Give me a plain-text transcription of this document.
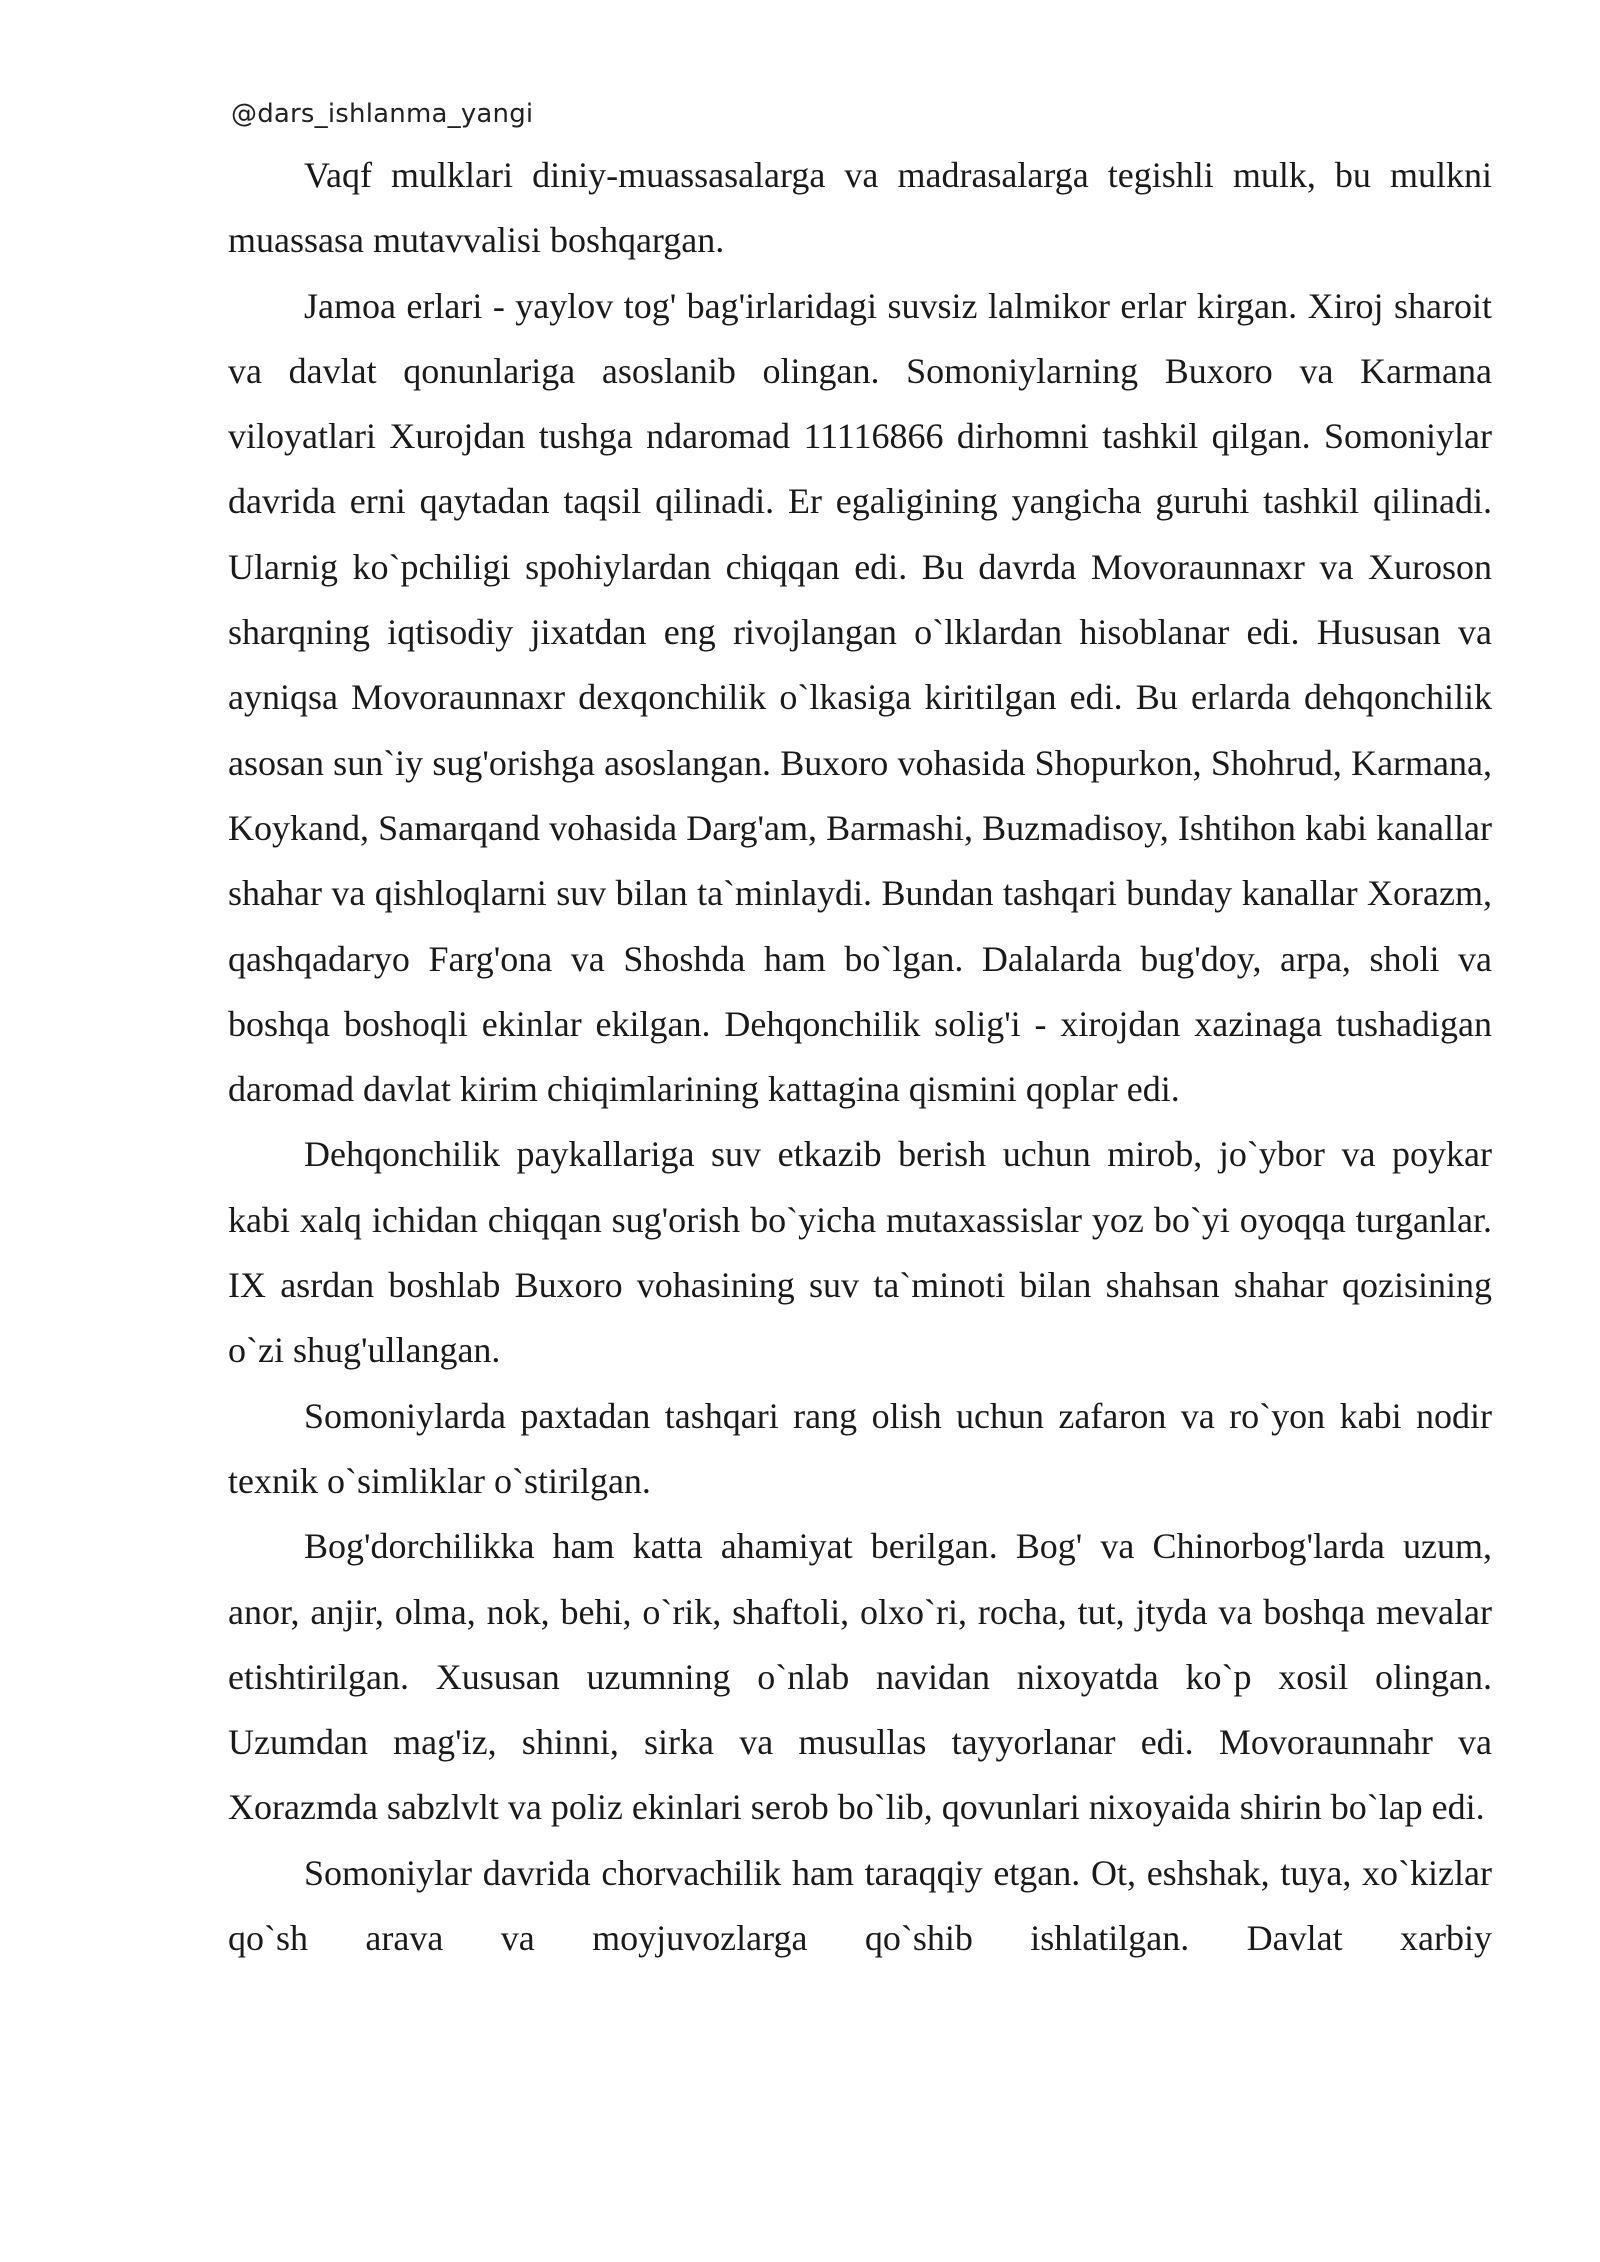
@dars_ishlanma_yangi

Vaqf mulklari diniy-muassasalarga va madrasalarga tegishli mulk, bu mulkni muassasa mutavvalisi boshqargan.

Jamoa erlari - yaylov tog' bag'irlaridagi suvsiz lalmikor erlar kirgan. Xiroj sharoit va davlat qonunlariga asoslanib olingan. Somoniylarning Buxoro va Karmana viloyatlari Xurojdan tushga ndaromad 11116866 dirhomni tashkil qilgan. Somoniylar davrida erni qaytadan taqsil qilinadi. Er egaligining yangicha guruhi tashkil qilinadi. Ularnig ko`pchiligi spohiylardan chiqqan edi. Bu davrda Movoraunnaxr va Xuroson sharqning iqtisodiy jixatdan eng rivojlangan o`lklardan hisoblanar edi. Hususan va ayniqsa Movoraunnaxr dexqonchilik o`lkasiga kiritilgan edi. Bu erlarda dehqonchilik asosan sun`iy sug'orishga asoslangan. Buxoro vohasida Shopurkon, Shohrud, Karmana, Koykand, Samarqand vohasida Darg'am, Barmashi, Buzmadisoy, Ishtihon kabi kanallar shahar va qishloqlarni suv bilan ta`minlaydi. Bundan tashqari bunday kanallar Xorazm, qashqadaryo Farg'ona va Shoshda ham bo`lgan. Dalalarda bug'doy, arpa, sholi va boshqa boshoqli ekinlar ekilgan. Dehqonchilik solig'i - xirojdan xazinaga tushadigan daromad davlat kirim chiqimlarining kattagina qismini qoplar edi.

Dehqonchilik paykallariga suv etkazib berish uchun mirob, jo`ybor va poykar kabi xalq ichidan chiqqan sug'orish bo`yicha mutaxassislar yoz bo`yi oyoqqa turganlar. IX asrdan boshlab Buxoro vohasining suv ta`minoti bilan shahsan shahar qozisining o`zi shug'ullangan.

Somoniylarda paxtadan tashqari rang olish uchun zafaron va ro`yon kabi nodir texnik o`simliklar o`stirilgan.

Bog'dorchilikka ham katta ahamiyat berilgan. Bog' va Chinorbog'larda uzum, anor, anjir, olma, nok, behi, o`rik, shaftoli, olxo`ri, rocha, tut, jtyda va boshqa mevalar etishtirilgan. Xususan uzumning o`nlab navidan nixoyatda ko`p xosil olingan. Uzumdan mag'iz, shinni, sirka va musullas tayyorlanar edi. Movoraunnahr va Xorazmda sabzlvlt va poliz ekinlari serob bo`lib, qovunlari nixoyaida shirin bo`lap edi.

Somoniylar davrida chorvachilik ham taraqqiy etgan. Ot, eshshak, tuya, xo`kizlar qo`sh arava va moyjuvozlarga qo`shib ishlatilgan. Davlat xarbiy
